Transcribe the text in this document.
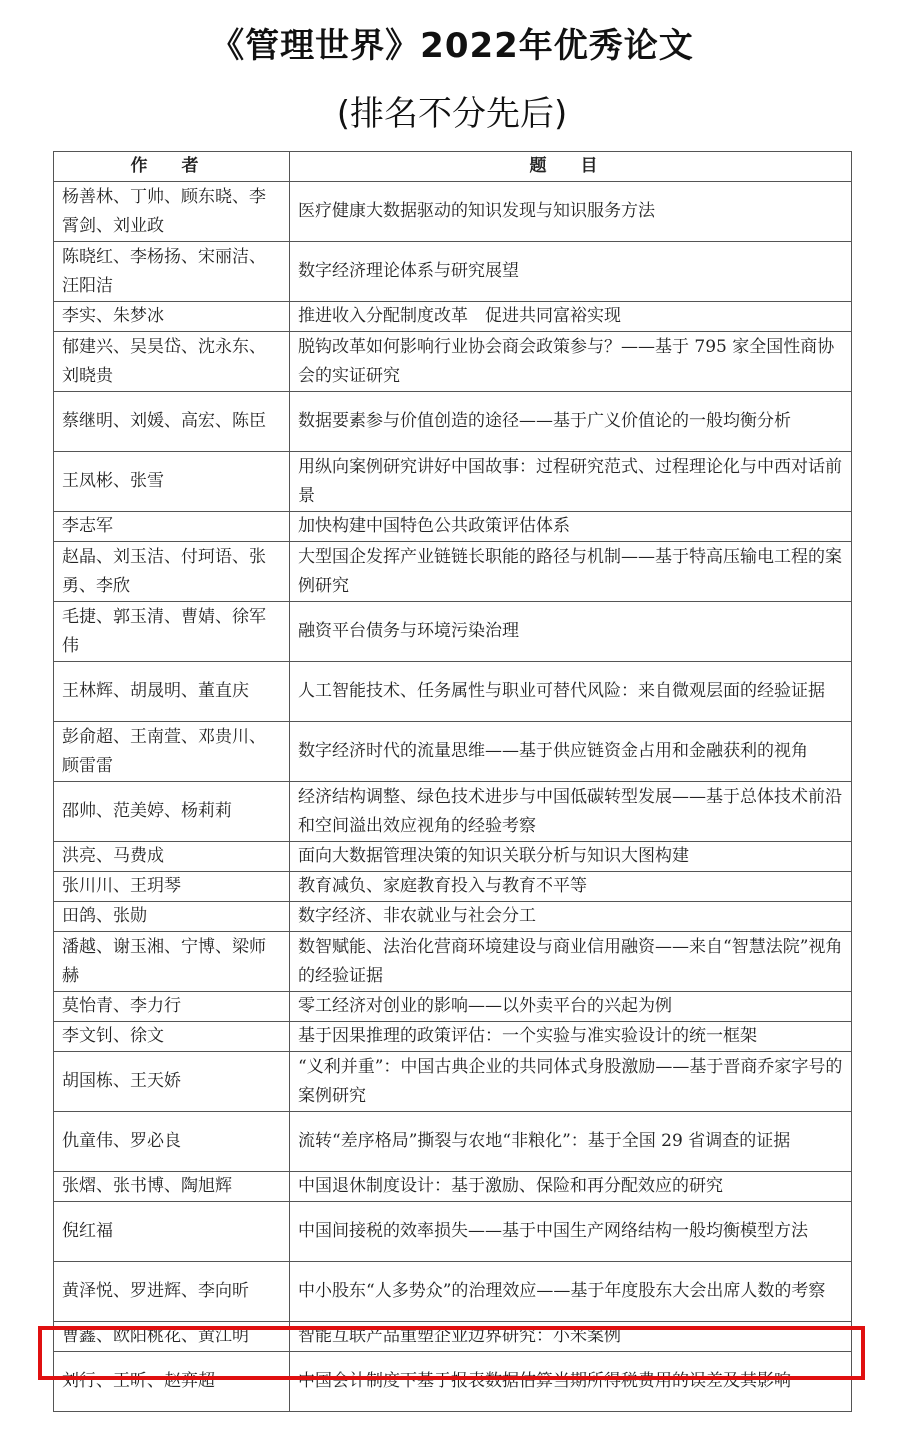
《管理世界》2022年优秀论文
(排名不分先后)
作 者	题 目
杨善林、丁帅、顾东晓、李霄剑、刘业政	医疗健康大数据驱动的知识发现与知识服务方法
陈晓红、李杨扬、宋丽洁、汪阳洁	数字经济理论体系与研究展望
李实、朱梦冰	推进收入分配制度改革　促进共同富裕实现
郁建兴、吴昊岱、沈永东、刘晓贵	脱钩改革如何影响行业协会商会政策参与？——基于 795 家全国性商协会的实证研究
蔡继明、刘媛、高宏、陈臣	数据要素参与价值创造的途径——基于广义价值论的一般均衡分析
王凤彬、张雪	用纵向案例研究讲好中国故事：过程研究范式、过程理论化与中西对话前景
李志军	加快构建中国特色公共政策评估体系
赵晶、刘玉洁、付珂语、张勇、李欣	大型国企发挥产业链链长职能的路径与机制——基于特高压输电工程的案例研究
毛捷、郭玉清、曹婧、徐军伟	融资平台债务与环境污染治理
王林辉、胡晟明、董直庆	人工智能技术、任务属性与职业可替代风险：来自微观层面的经验证据
彭俞超、王南萱、邓贵川、顾雷雷	数字经济时代的流量思维——基于供应链资金占用和金融获利的视角
邵帅、范美婷、杨莉莉	经济结构调整、绿色技术进步与中国低碳转型发展——基于总体技术前沿和空间溢出效应视角的经验考察
洪亮、马费成	面向大数据管理决策的知识关联分析与知识大图构建
张川川、王玥琴	教育减负、家庭教育投入与教育不平等
田鸽、张勋	数字经济、非农就业与社会分工
潘越、谢玉湘、宁博、梁师赫	数智赋能、法治化营商环境建设与商业信用融资——来自“智慧法院”视角的经验证据
莫怡青、李力行	零工经济对创业的影响——以外卖平台的兴起为例
李文钊、徐文	基于因果推理的政策评估：一个实验与准实验设计的统一框架
胡国栋、王天娇	“义利并重”：中国古典企业的共同体式身股激励——基于晋商乔家字号的案例研究
仇童伟、罗必良	流转“差序格局”撕裂与农地“非粮化”：基于全国 29 省调查的证据
张熠、张书博、陶旭辉	中国退休制度设计：基于激励、保险和再分配效应的研究
倪红福	中国间接税的效率损失——基于中国生产网络结构一般均衡模型方法
黄泽悦、罗进辉、李向昕	中小股东“人多势众”的治理效应——基于年度股东大会出席人数的考察
曹鑫、欧阳桃花、黄江明	智能互联产品重塑企业边界研究：小米案例
刘行、王昕、赵弈超	中国会计制度下基于报表数据估算当期所得税费用的误差及其影响
